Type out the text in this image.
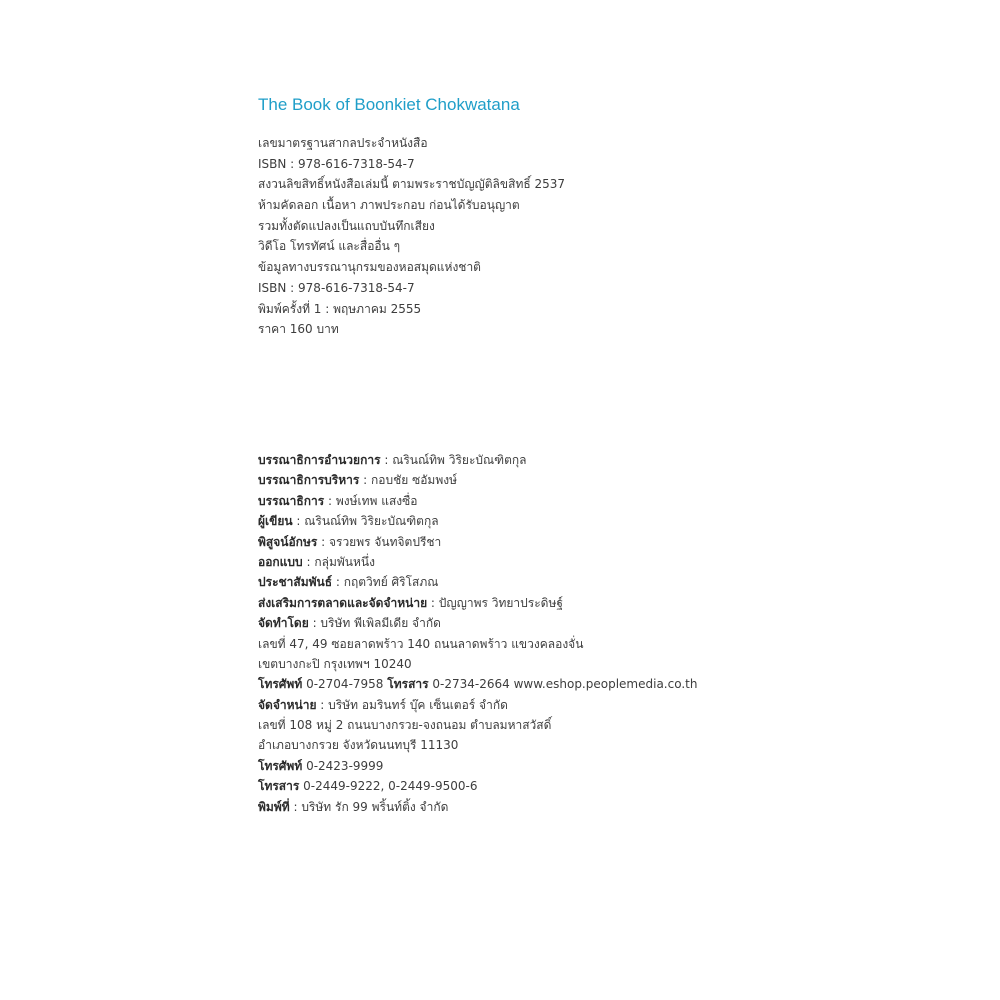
The Book of Boonkiet Chokwatana
เลขมาตรฐานสากลประจำหนังสือ
ISBN : 978-616-7318-54-7
สงวนลิขสิทธิ์หนังสือเล่มนี้ ตามพระราชบัญญัติลิขสิทธิ์ 2537
ห้ามคัดลอก เนื้อหา ภาพประกอบ ก่อนได้รับอนุญาต
รวมทั้งตัดแปลงเป็นแถบบันทึกเสียง
วิดีโอ โทรทัศน์ และสื่ออื่น ๆ
ข้อมูลทางบรรณานุกรมของหอสมุดแห่งชาติ
ISBN : 978-616-7318-54-7
พิมพ์ครั้งที่ 1 : พฤษภาคม 2555
ราคา 160 บาท
บรรณาธิการอำนวยการ : ณรินณ์ทิพ วิริยะบัณฑิตกุล
บรรณาธิการบริหาร : กอบชัย ซอัมพงษ์
บรรณาธิการ : พงษ์เทพ แสงซื่อ
ผู้เขียน : ณรินณ์ทิพ วิริยะบัณฑิตกุล
พิสูจน์อักษร : จรวยพร จันทจิตปรีชา
ออกแบบ : กลุ่มพันหนึ่ง
ประชาสัมพันธ์ : กฤตวิทย์ ศิริโสภณ
ส่งเสริมการตลาดและจัดจำหน่าย : ปัญญาพร วิทยาประดิษฐ์
จัดทำโดย : บริษัท พีเพิลมีเดีย จำกัด
เลขที่ 47, 49 ซอยลาดพร้าว 140 ถนนลาดพร้าว แขวงคลองจั่น
เขตบางกะปิ กรุงเทพฯ 10240
โทรศัพท์ 0-2704-7958 โทรสาร 0-2734-2664 www.eshop.peoplemedia.co.th
จัดจำหน่าย : บริษัท อมรินทร์ บุ๊ค เซ็นเตอร์ จำกัด
เลขที่ 108 หมู่ 2 ถนนบางกรวย-จงถนอม ตำบลมหาสวัสดิ์
อำเภอบางกรวย จังหวัดนนทบุรี 11130
โทรศัพท์ 0-2423-9999
โทรสาร 0-2449-9222, 0-2449-9500-6
พิมพ์ที่ : บริษัท รัก 99 พริ้นท์ติ้ง จำกัด
